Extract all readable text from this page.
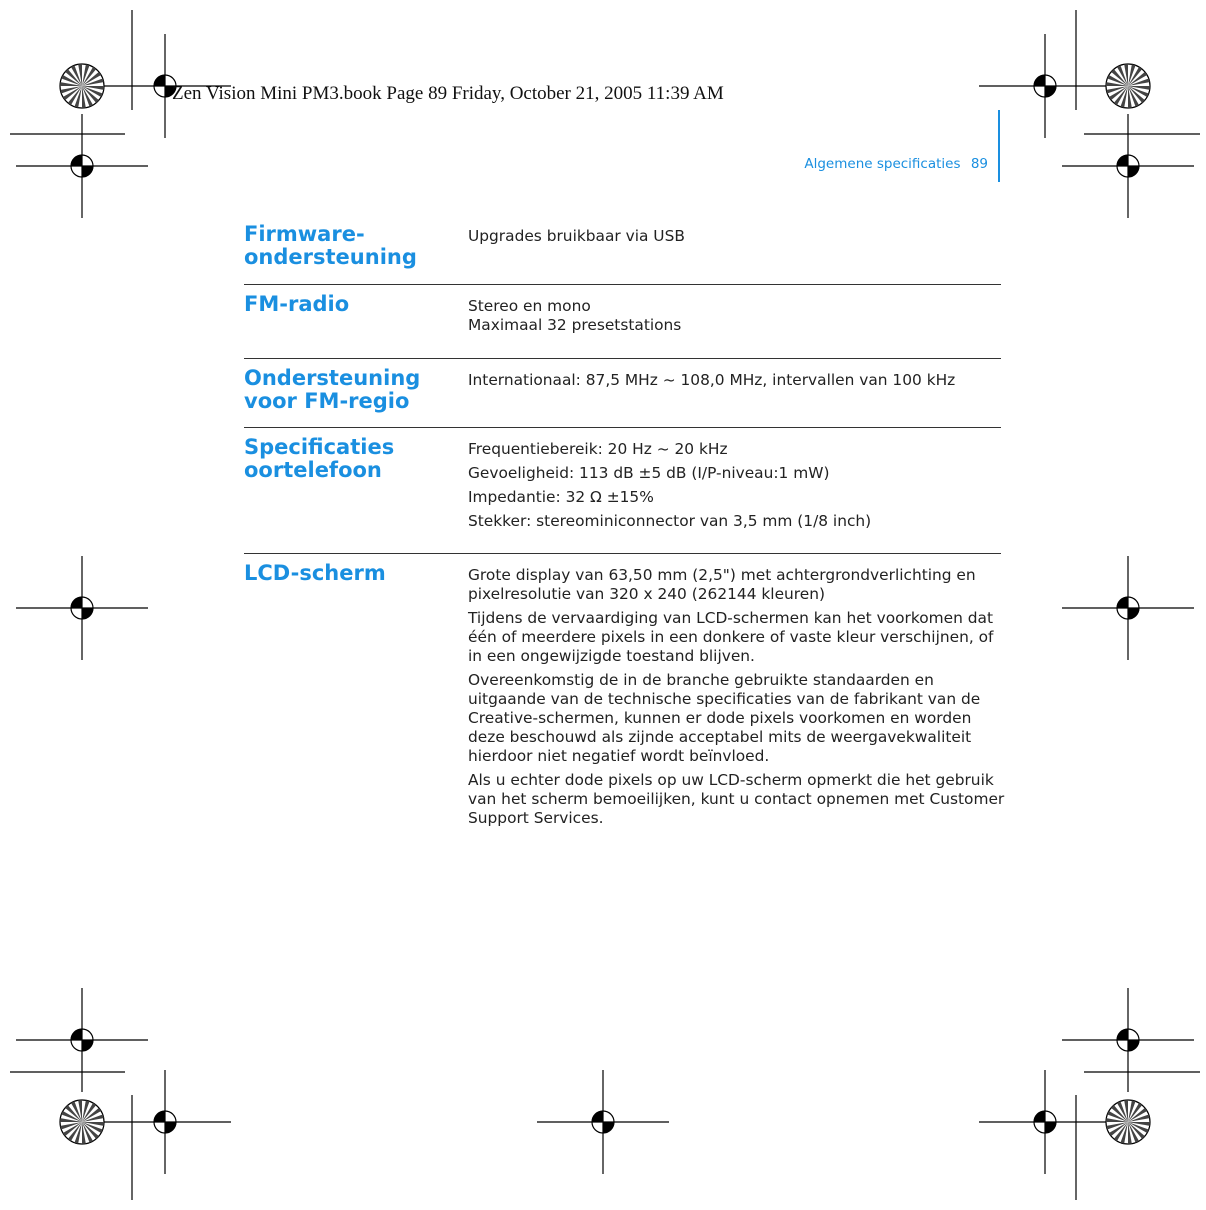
Zen Vision Mini PM3.book Page 89 Friday, October 21, 2005 11:39 AM

Algemene specificaties 89
Firmware-
ondersteuning

Upgrades bruikbaar via USB

FM-radio	Stereo en mono

Maximaal 32 presetstations

Ondersteuning
voor FM-regio

Internationaal: 87,5 MHz ~ 108,0 MHz, intervallen van 100 kHz

Specificaties
oortelefoon

Frequentiebereik: 20 Hz ~ 20 kHz

Gevoeligheid: 113 dB ±5 dB (I/P-niveau:1 mW)

Impedantie: 32 Ω ±15%

Stekker: stereominiconnector van 3,5 mm (1/8 inch)

LCD-scherm	Grote display van 63,50 mm (2,5") met achtergrondverlichting en pixelresolutie van 320 x 240 (262144 kleuren)

Tijdens de vervaardiging van LCD-schermen kan het voorkomen dat één of meerdere pixels in een donkere of vaste kleur verschijnen, of in een ongewijzigde toestand blijven.

Overeenkomstig de in de branche gebruikte standaarden en uitgaande van de technische specificaties van de fabrikant van de Creative-schermen, kunnen er dode pixels voorkomen en worden deze beschouwd als zijnde acceptabel mits de weergavekwaliteit hierdoor niet negatief wordt beïnvloed.

Als u echter dode pixels op uw LCD-scherm opmerkt die het gebruik van het scherm bemoeilijken, kunt u contact opnemen met Customer Support Services.
